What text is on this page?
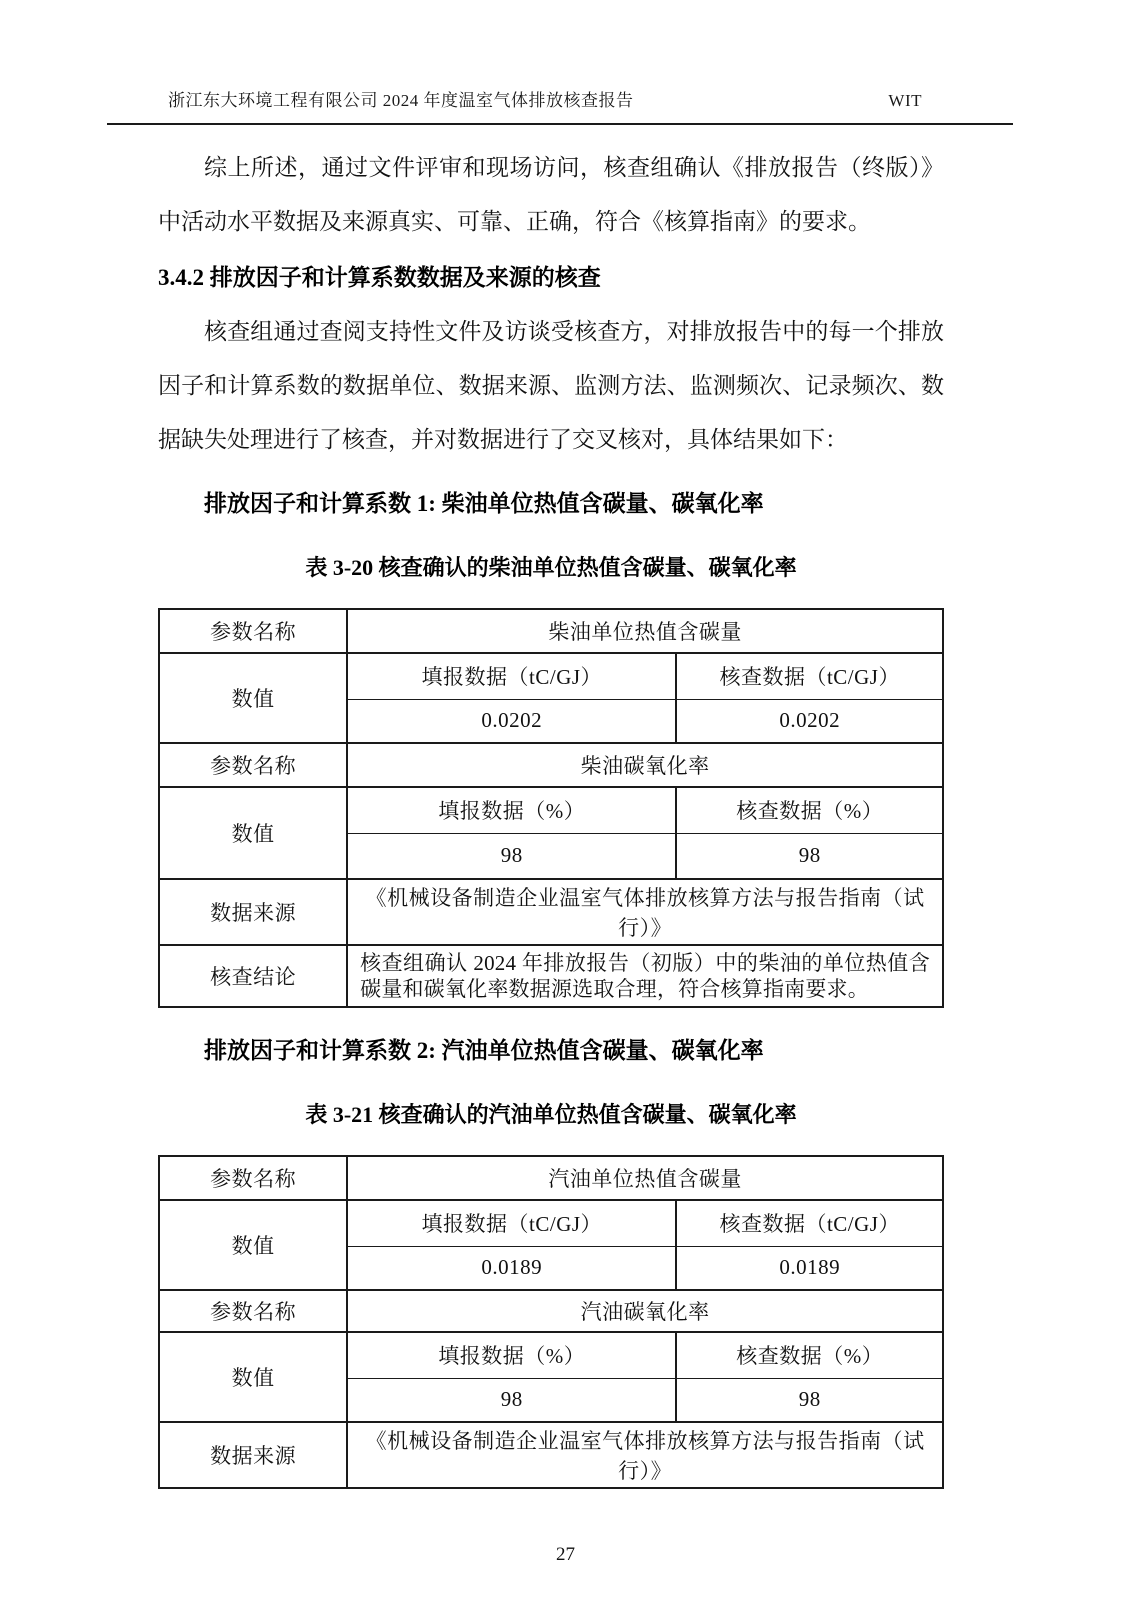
浙江东大环境工程有限公司 2024 年度温室气体排放核查报告	WIT

综上所述，通过文件评审和现场访问，核查组确认《排放报告（终版）》中活动水平数据及来源真实、可靠、正确，符合《核算指南》的要求。

3.4.2 排放因子和计算系数数据及来源的核查

核查组通过查阅支持性文件及访谈受核查方，对排放报告中的每一个排放因子和计算系数的数据单位、数据来源、监测方法、监测频次、记录频次、数据缺失处理进行了核查，并对数据进行了交叉核对，具体结果如下：

排放因子和计算系数 1: 柴油单位热值含碳量、碳氧化率

表 3-20 核查确认的柴油单位热值含碳量、碳氧化率

参数名称	柴油单位热值含碳量	
数值	填报数据（tC/GJ）	核查数据（tC/GJ）
	0.0202	0.0202
参数名称	柴油碳氧化率	
数值	填报数据（%）	核查数据（%）
	98	98
数据来源	《机械设备制造企业温室气体排放核算方法与报告指南（试行）》	
核查结论	核查组确认 2024 年排放报告（初版）中的柴油的单位热值含碳量和碳氧化率数据源选取合理，符合核算指南要求。	

排放因子和计算系数 2: 汽油单位热值含碳量、碳氧化率

表 3-21 核查确认的汽油单位热值含碳量、碳氧化率

参数名称	汽油单位热值含碳量	
数值	填报数据（tC/GJ）	核查数据（tC/GJ）
	0.0189	0.0189
参数名称	汽油碳氧化率	
数值	填报数据（%）	核查数据（%）
	98	98
数据来源	《机械设备制造企业温室气体排放核算方法与报告指南（试行）》	
27
